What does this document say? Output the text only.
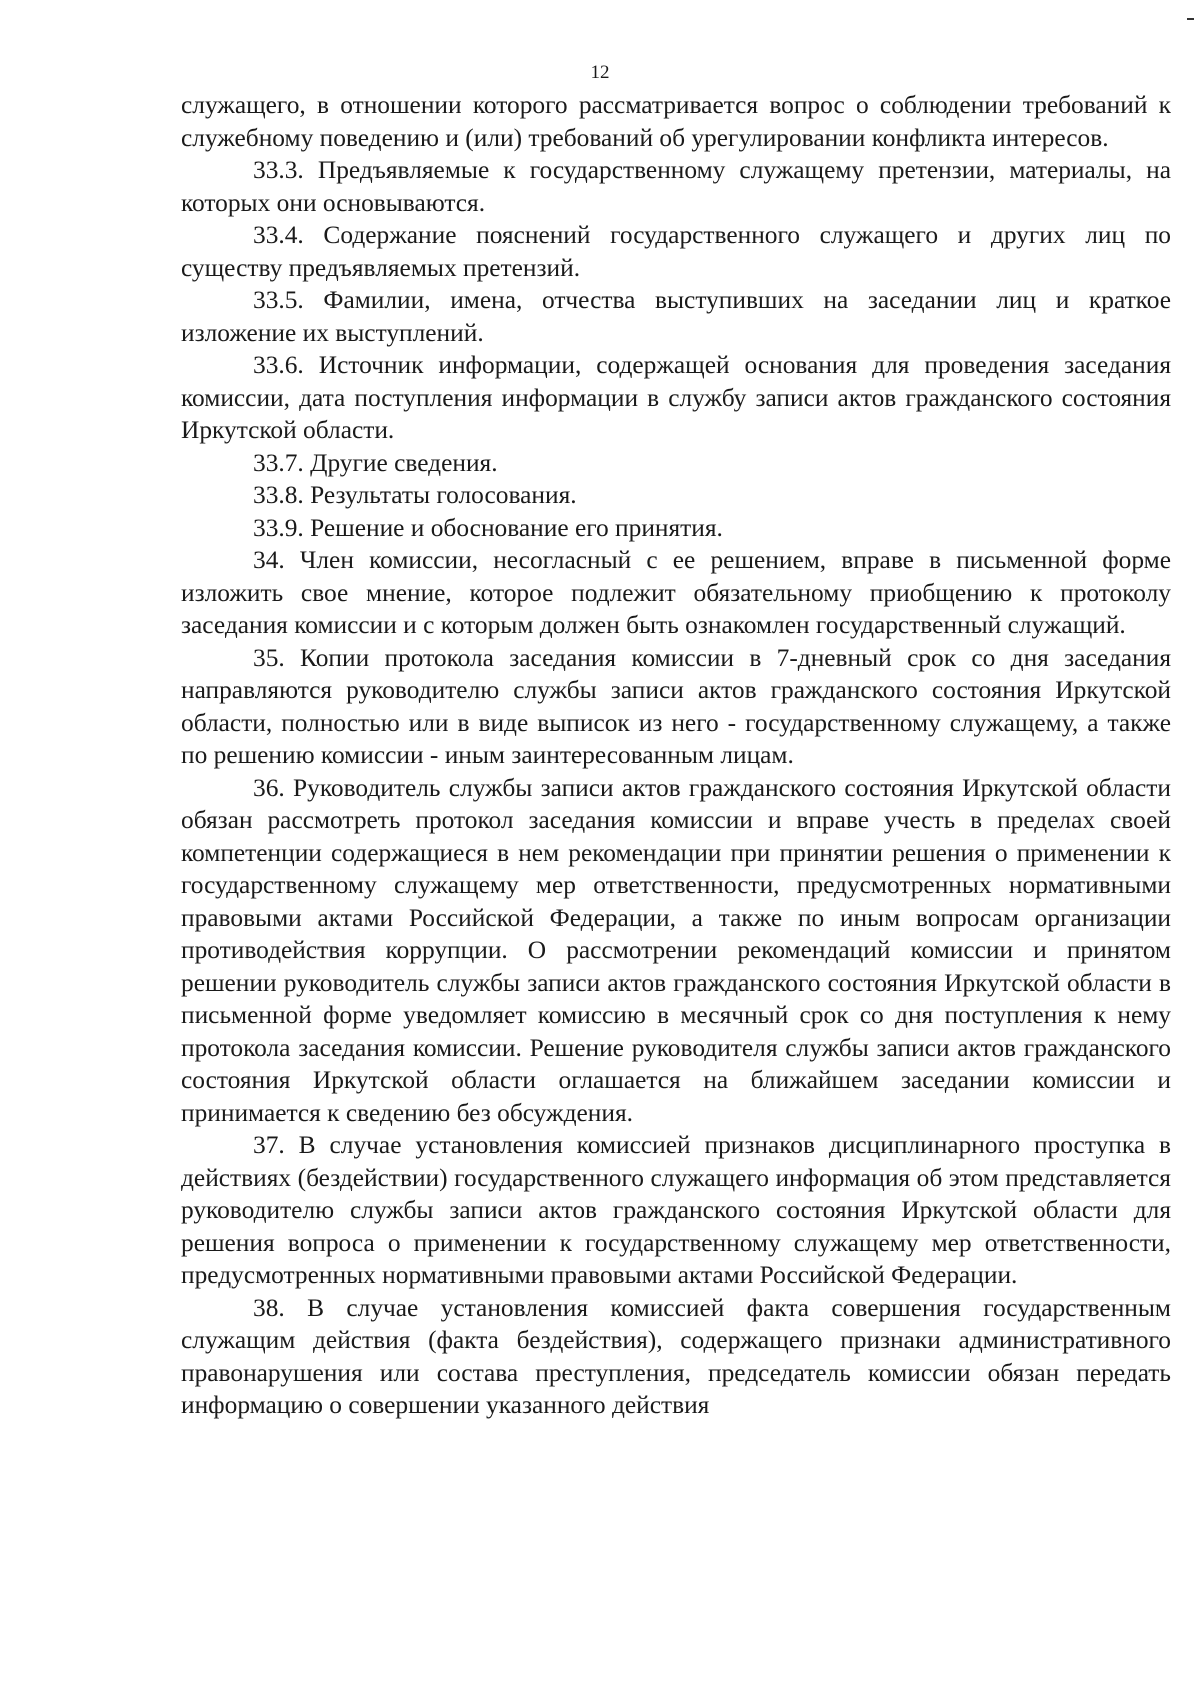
12

служащего, в отношении которого рассматривается вопрос о соблюдении требований к служебному поведению и (или) требований об урегулировании конфликта интересов.

33.3. Предъявляемые к государственному служащему претензии, материалы, на которых они основываются.

33.4. Содержание пояснений государственного служащего и других лиц по существу предъявляемых претензий.

33.5. Фамилии, имена, отчества выступивших на заседании лиц и краткое изложение их выступлений.

33.6. Источник информации, содержащей основания для проведения заседания комиссии, дата поступления информации в службу записи актов гражданского состояния Иркутской области.

33.7. Другие сведения.

33.8. Результаты голосования.

33.9. Решение и обоснование его принятия.

34. Член комиссии, несогласный с ее решением, вправе в письменной форме изложить свое мнение, которое подлежит обязательному приобщению к протоколу заседания комиссии и с которым должен быть ознакомлен государственный служащий.

35. Копии протокола заседания комиссии в 7-дневный срок со дня заседания направляются руководителю службы записи актов гражданского состояния Иркутской области, полностью или в виде выписок из него - государственному служащему, а также по решению комиссии - иным заинтересованным лицам.

36. Руководитель службы записи актов гражданского состояния Иркутской области обязан рассмотреть протокол заседания комиссии и вправе учесть в пределах своей компетенции содержащиеся в нем рекомендации при принятии решения о применении к государственному служащему мер ответственности, предусмотренных нормативными правовыми актами Российской Федерации, а также по иным вопросам организации противодействия коррупции. О рассмотрении рекомендаций комиссии и принятом решении руководитель службы записи актов гражданского состояния Иркутской области в письменной форме уведомляет комиссию в месячный срок со дня поступления к нему протокола заседания комиссии. Решение руководителя службы записи актов гражданского состояния Иркутской области оглашается на ближайшем заседании комиссии и принимается к сведению без обсуждения.

37. В случае установления комиссией признаков дисциплинарного проступка в действиях (бездействии) государственного служащего информация об этом представляется руководителю службы записи актов гражданского состояния Иркутской области для решения вопроса о применении к государственному служащему мер ответственности, предусмотренных нормативными правовыми актами Российской Федерации.

38. В случае установления комиссией факта совершения государственным служащим действия (факта бездействия), содержащего признаки административного правонарушения или состава преступления, председатель комиссии обязан передать информацию о совершении указанного действия
